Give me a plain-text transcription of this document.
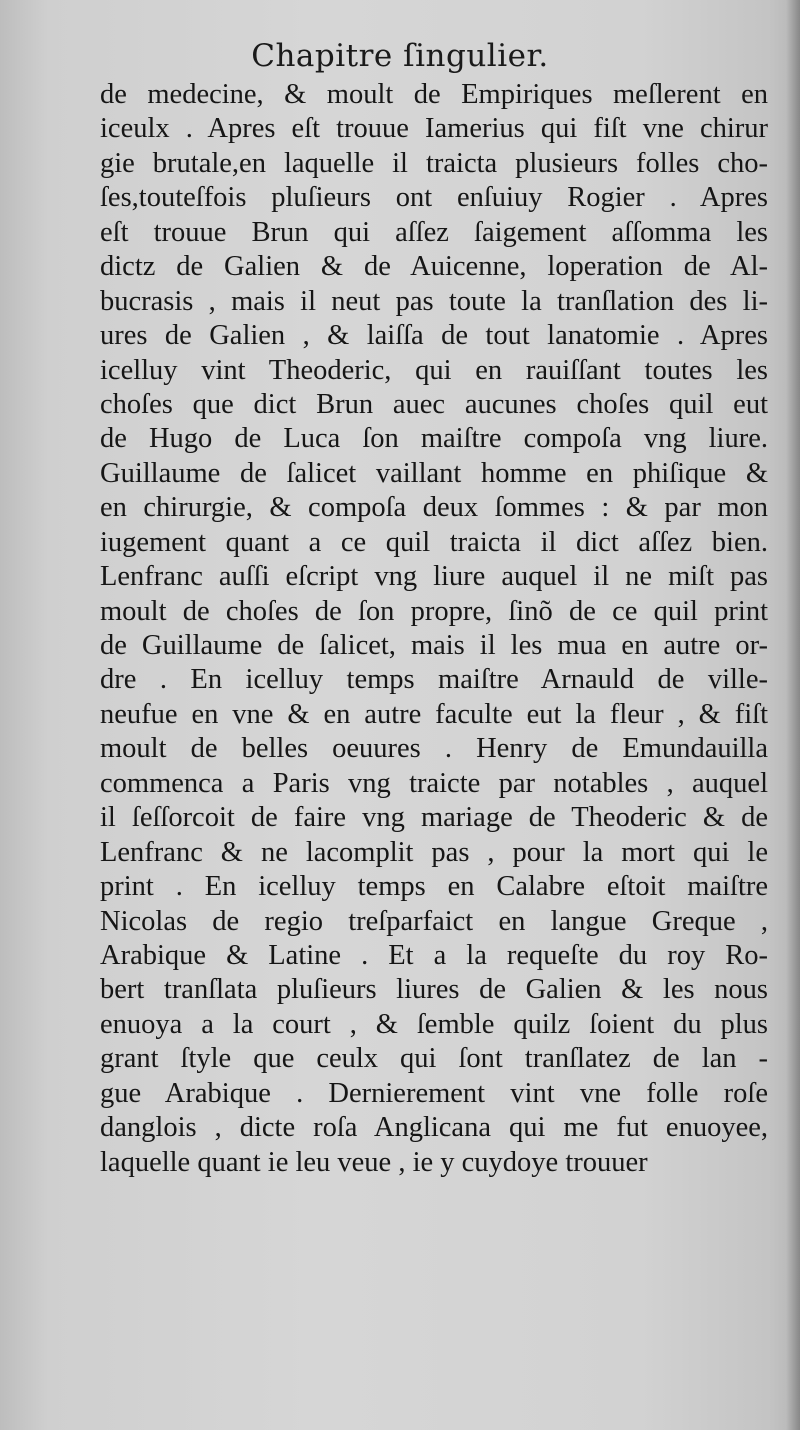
Chapitre ſingulier.
de medecine, & moult de Empiriques meſlerent en
iceulx . Apres eſt trouue Iamerius qui fiſt vne chirur
gie brutale,en laquelle il traicta plusieurs folles cho-
ſes,touteſfois pluſieurs ont enſuiuy Rogier . Apres
eſt trouue Brun qui aſſez ſaigement aſſomma les
dictz de Galien & de Auicenne, loperation de Al-
bucrasis , mais il neut pas toute la tranſlation des li-
ures de Galien , & laiſſa de tout lanatomie . Apres
icelluy vint Theoderic, qui en rauiſſant toutes les
choſes que dict Brun auec aucunes choſes quil eut
de Hugo de Luca ſon maiſtre compoſa vng liure.
Guillaume de ſalicet vaillant homme en phiſique &
en chirurgie, & compoſa deux ſommes : & par mon
iugement quant a ce quil traicta il dict aſſez bien.
Lenfranc auſſi eſcript vng liure auquel il ne miſt pas
moult de choſes de ſon propre, ſinõ de ce quil print
de Guillaume de ſalicet, mais il les mua en autre or-
dre . En icelluy temps maiſtre Arnauld de ville-
neufue en vne & en autre faculte eut la fleur , & fiſt
moult de belles oeuures . Henry de Emundauilla
commenca a Paris vng traicte par notables , auquel
il ſeſſorcoit de faire vng mariage de Theoderic & de
Lenfranc & ne lacomplit pas , pour la mort qui le
print . En icelluy temps en Calabre eſtoit maiſtre
Nicolas de regio treſparfaict en langue Greque ,
Arabique & Latine . Et a la requeſte du roy Ro-
bert tranſlata pluſieurs liures de Galien & les nous
enuoya a la court , & ſemble quilz ſoient du plus
grant ſtyle que ceulx qui ſont tranſlatez de lan -
gue Arabique . Dernierement vint vne folle roſe
danglois , dicte roſa Anglicana qui me fut enuoyee,
laquelle quant ie leu veue , ie y cuydoye trouuer
